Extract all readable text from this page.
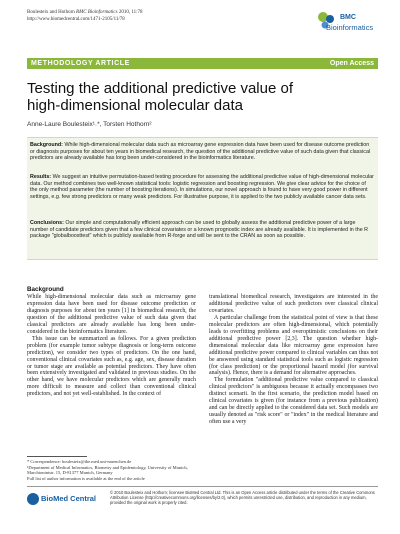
Boulesteix and Hothorn BMC Bioinformatics 2010, 11:78
http://www.biomedcentral.com/1471-2105/11/78	BMC
Bioinformatics
METHODOLOGY ARTICLE	Open Access
Testing the additional predictive value of
high-dimensional molecular data
Anne-Laure Boulesteix¹˒*, Torsten Hothorn²
Background: While high-dimensional molecular data such as microarray gene expression data have been used for disease outcome prediction or diagnosis purposes for about ten years in biomedical research, the question of the additional predictive value of such data given that classical predictors are already available has long been under-considered in the bioinformatics literature.
Results: We suggest an intuitive permutation-based testing procedure for assessing the additional predictive value of high-dimensional molecular data. Our method combines two well-known statistical tools: logistic regression and boosting regression. We give clear advice for the choice of the only method parameter (the number of boosting iterations). In simulations, our novel approach is found to have very good power in different settings, e.g. few strong predictors or many weak predictors. For illustrative purpose, it is applied to the two publicly available cancer data sets.
Conclusions: Our simple and computationally efficient approach can be used to globally assess the additional predictive power of a large number of candidate predictors given that a few clinical covariates or a known prognostic index are already available. It is implemented in the R package "globalboosttest" which is publicly available from R-forge and will be sent to the CRAN as soon as possible.
Background

While high-dimensional molecular data such as microarray gene expression data have been used for disease outcome prediction or diagnosis purposes for about ten years [1] in biomedical research, the question of the additional predictive value of such data given that classical predictors are already available has long been under-considered in the bioinformatics literature.

This issue can be summarized as follows. For a given prediction problem (for example tumor subtype diagnosis or long-term outcome prediction), we consider two types of predictors. On the one hand, conventional clinical covariates such as, e.g. age, sex, disease duration or tumor stage are available as potential predictors. They have often been extensively investigated and validated in previous studies. On the other hand, we have molecular predictors which are generally much more difficult to measure and collect than conventional clinical predictors, and not yet well-established. In the context of

translational biomedical research, investigators are interested in the additional predictive value of such predictors over classical clinical covariates.

A particular challenge from the statistical point of view is that these molecular predictors are often high-dimensional, which potentially leads to overfitting problems and overoptimistic conclusions on their additional predictive power [2,3]. The question whether high-dimensional molecular data like microarray gene expression have additional predictive power compared to clinical variables can thus not be answered using standard statistical tools such as logistic regression (for class prediction) or the proportional hazard model (for survival analysis). Hence, there is a demand for alternative approaches.

The formulation "additional predictive value compared to classical clinical predictors" is ambiguous because it actually encompasses two distinct scenarii. In the first scenario, the prediction model based on clinical covariates is given (for instance from a previous publication) and can be directly applied to the considered data set. Such models are usually denoted as "risk score" or "index" in the medical literature and often use a very

* Correspondence: boulesteix@ibe.med.uni-muenchen.de
¹Department of Medical Informatics, Biometry and Epidemiology, University of Munich, Marchioninistr. 15, D-81377 Munich, Germany
Full list of author information is available at the end of the article
BioMed Central
© 2010 Boulesteix and Hothorn; licensee BioMed Central Ltd. This is an Open Access article distributed under the terms of the Creative Commons Attribution License (http://creativecommons.org/licenses/by/2.0), which permits unrestricted use, distribution, and reproduction in any medium, provided the original work is properly cited.
